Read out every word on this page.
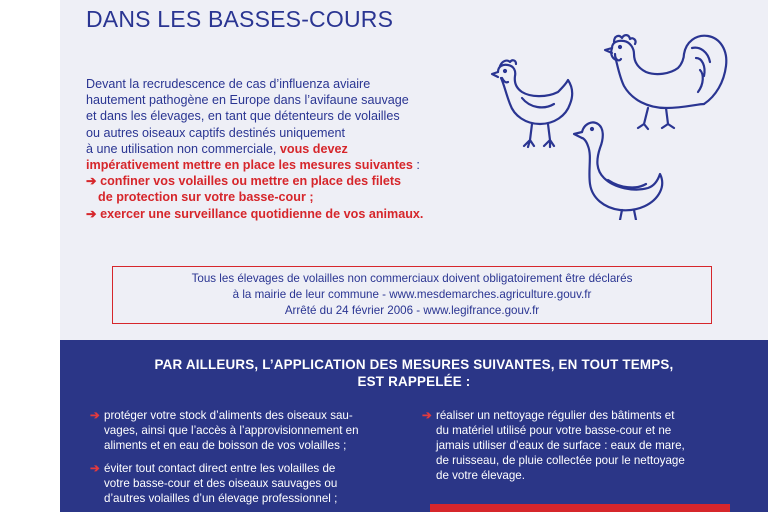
DANS LES BASSES-COURS

Devant la recrudescence de cas d’influenza aviaire

hautement pathogène en Europe dans l’avifaune sauvage

et dans les élevages, en tant que détenteurs de volailles

ou autres oiseaux captifs destinés uniquement

à une utilisation non commerciale, vous devez

impérativement mettre en place les mesures suivantes :

➔ confiner vos volailles ou mettre en place des filets

de protection sur votre basse-cour ;

➔ exercer une surveillance quotidienne de vos animaux.

Tous les élevages de volailles non commerciaux doivent obligatoirement être déclarés
à la mairie de leur commune - www.mesdemarches.agriculture.gouv.fr
Arrêté du 24 février 2006 - www.legifrance.gouv.fr
PAR AILLEURS, L’APPLICATION DES MESURES SUIVANTES, EN TOUT TEMPS,
EST RAPPELÉE :
➔ protéger votre stock d’aliments des oiseaux sau-
vages, ainsi que l’accès à l’approvisionnement en
aliments et en eau de boisson de vos volailles ;
➔ éviter tout contact direct entre les volailles de
votre basse-cour et des oiseaux sauvages ou
d’autres volailles d’un élevage professionnel ;
➔ réaliser un nettoyage régulier des bâtiments et
du matériel utilisé pour votre basse-cour et ne
jamais utiliser d’eaux de surface : eaux de mare,
de ruisseau, de pluie collectée pour le nettoyage
de votre élevage.
